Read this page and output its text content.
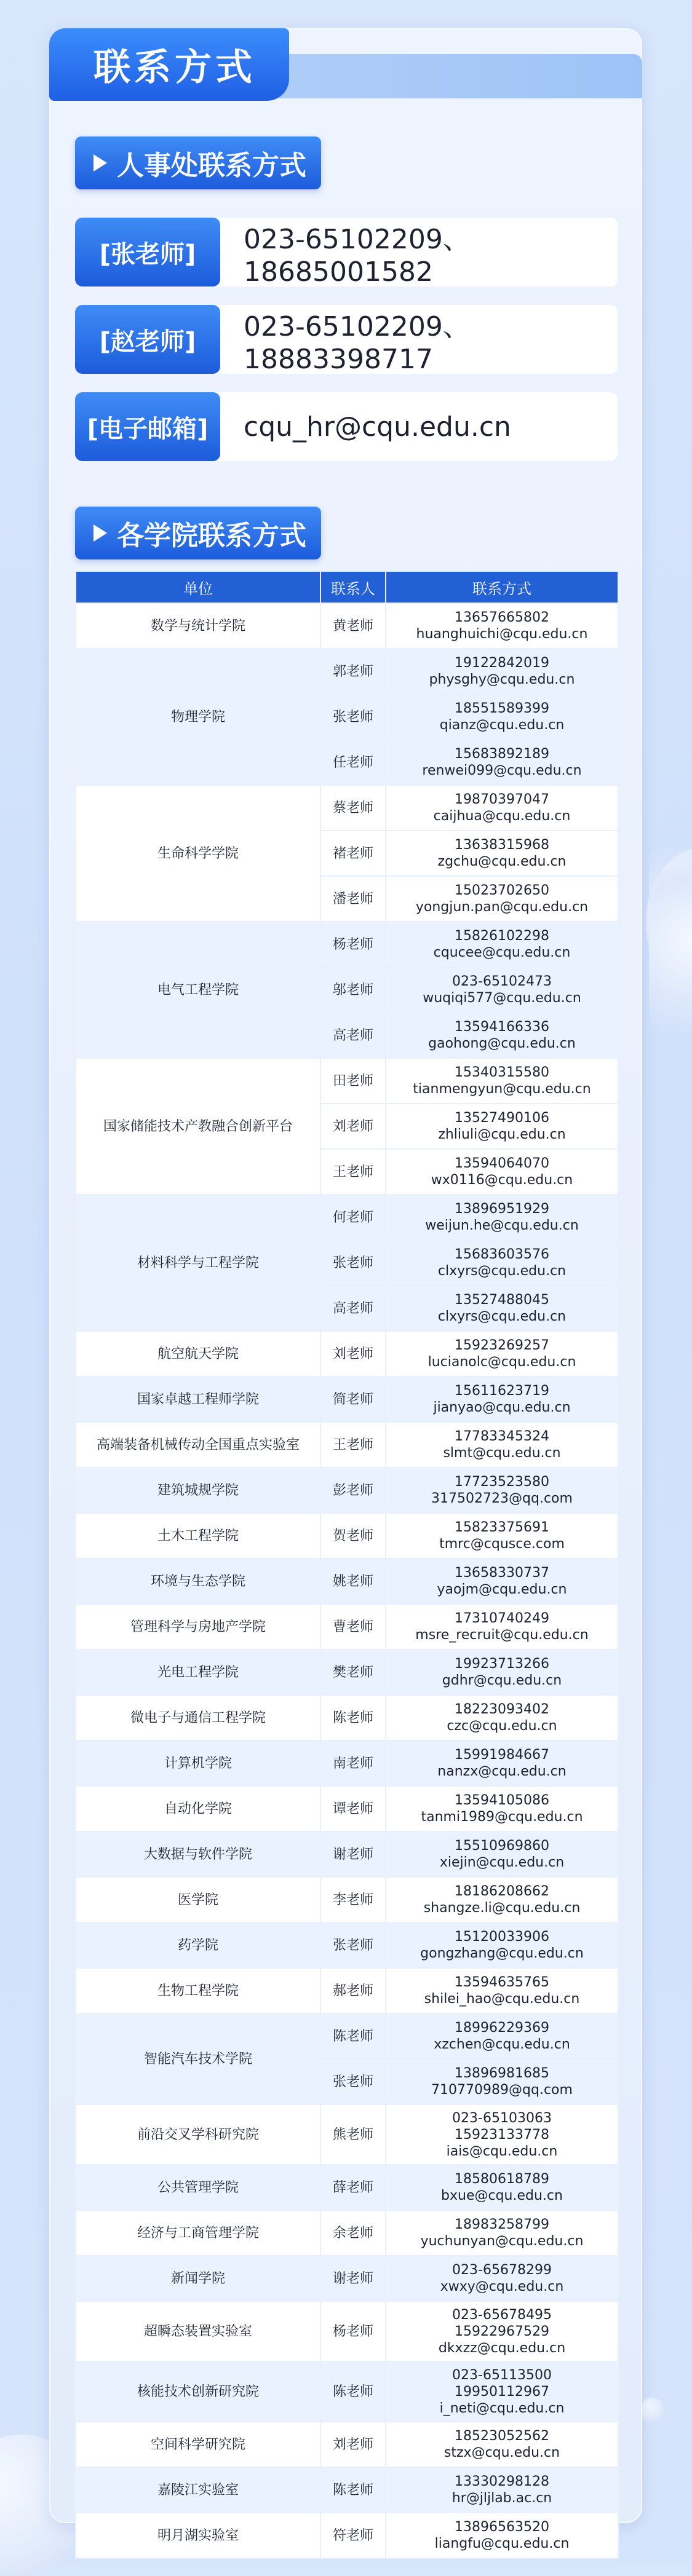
联系方式
人事处联系方式
[张老师]	023-65102209、18685001582
[赵老师]	023-65102209、18883398717
[电子邮箱]	cqu_hr@cqu.edu.cn
各学院联系方式
单位	联系人	联系方式
数学与统计学院	黄老师	13657665802
huanghuichi@cqu.edu.cn

物理学院	郭老师	19122842019
physghy@cqu.edu.cn

	张老师	18551589399
qianz@cqu.edu.cn

	任老师	15683892189
renwei099@cqu.edu.cn

生命科学学院	蔡老师	19870397047
caijhua@cqu.edu.cn

	褚老师	13638315968
zgchu@cqu.edu.cn

	潘老师	15023702650
yongjun.pan@cqu.edu.cn

电气工程学院	杨老师	15826102298
cqucee@cqu.edu.cn

	邬老师	023-65102473
wuqiqi577@cqu.edu.cn

	高老师	13594166336
gaohong@cqu.edu.cn

国家储能技术产教融合创新平台	田老师	15340315580
tianmengyun@cqu.edu.cn

	刘老师	13527490106
zhliuli@cqu.edu.cn

	王老师	13594064070
wx0116@cqu.edu.cn

材料科学与工程学院	何老师	13896951929
weijun.he@cqu.edu.cn

	张老师	15683603576
clxyrs@cqu.edu.cn

	高老师	13527488045
clxyrs@cqu.edu.cn

航空航天学院	刘老师	15923269257
lucianolc@cqu.edu.cn

国家卓越工程师学院	简老师	15611623719
jianyao@cqu.edu.cn

高端装备机械传动全国重点实验室	王老师	17783345324
slmt@cqu.edu.cn

建筑城规学院	彭老师	17723523580
317502723@qq.com

土木工程学院	贺老师	15823375691
tmrc@cqusce.com

环境与生态学院	姚老师	13658330737
yaojm@cqu.edu.cn

管理科学与房地产学院	曹老师	17310740249
msre_recruit@cqu.edu.cn

光电工程学院	樊老师	19923713266
gdhr@cqu.edu.cn

微电子与通信工程学院	陈老师	18223093402
czc@cqu.edu.cn

计算机学院	南老师	15991984667
nanzx@cqu.edu.cn

自动化学院	谭老师	13594105086
tanmi1989@cqu.edu.cn

大数据与软件学院	谢老师	15510969860
xiejin@cqu.edu.cn

医学院	李老师	18186208662
shangze.li@cqu.edu.cn

药学院	张老师	15120033906
gongzhang@cqu.edu.cn

生物工程学院	郝老师	13594635765
shilei_hao@cqu.edu.cn

智能汽车技术学院	陈老师	18996229369
xzchen@cqu.edu.cn

	张老师	13896981685
710770989@qq.com

前沿交叉学科研究院	熊老师	023-65103063
15923133778
iais@cqu.edu.cn

公共管理学院	薛老师	18580618789
bxue@cqu.edu.cn

经济与工商管理学院	余老师	18983258799
yuchunyan@cqu.edu.cn

新闻学院	谢老师	023-65678299
xwxy@cqu.edu.cn

超瞬态装置实验室	杨老师	023-65678495
15922967529
dkxzz@cqu.edu.cn

核能技术创新研究院	陈老师	023-65113500
19950112967
i_neti@cqu.edu.cn

空间科学研究院	刘老师	18523052562
stzx@cqu.edu.cn

嘉陵江实验室	陈老师	13330298128
hr@jljlab.ac.cn

明月湖实验室	符老师	13896563520
liangfu@cqu.edu.cn
